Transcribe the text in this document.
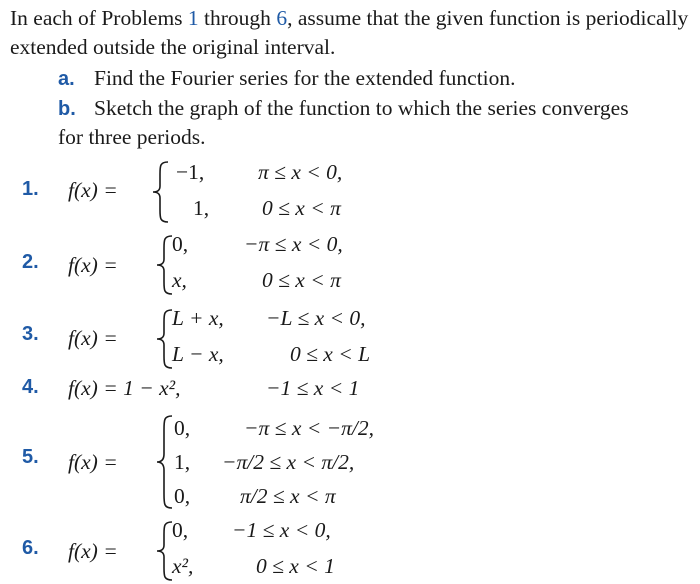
In each of Problems 1 through 6, assume that the given function is periodically extended outside the original interval.
a. Find the Fourier series for the extended function.
b. Sketch the graph of the function to which the series converges
for three periods.
1. f(x) =
−1, π ≤ x < 0,
1, 0 ≤ x < π
2. f(x) =
0,	−π ≤ x < 0,
x,	0 ≤ x < π
3. f(x) =
L + x, −L ≤ x < 0,
L − x,	0 ≤ x < L
4. f(x) = 1 − x²,	−1 ≤ x < 1
5. f(x) =
0,	−π ≤ x < −π/2,
1, −π/2 ≤ x < π/2,
0, π/2 ≤ x < π
6. f(x) =
0, −1 ≤ x < 0,
x²,	0 ≤ x < 1
